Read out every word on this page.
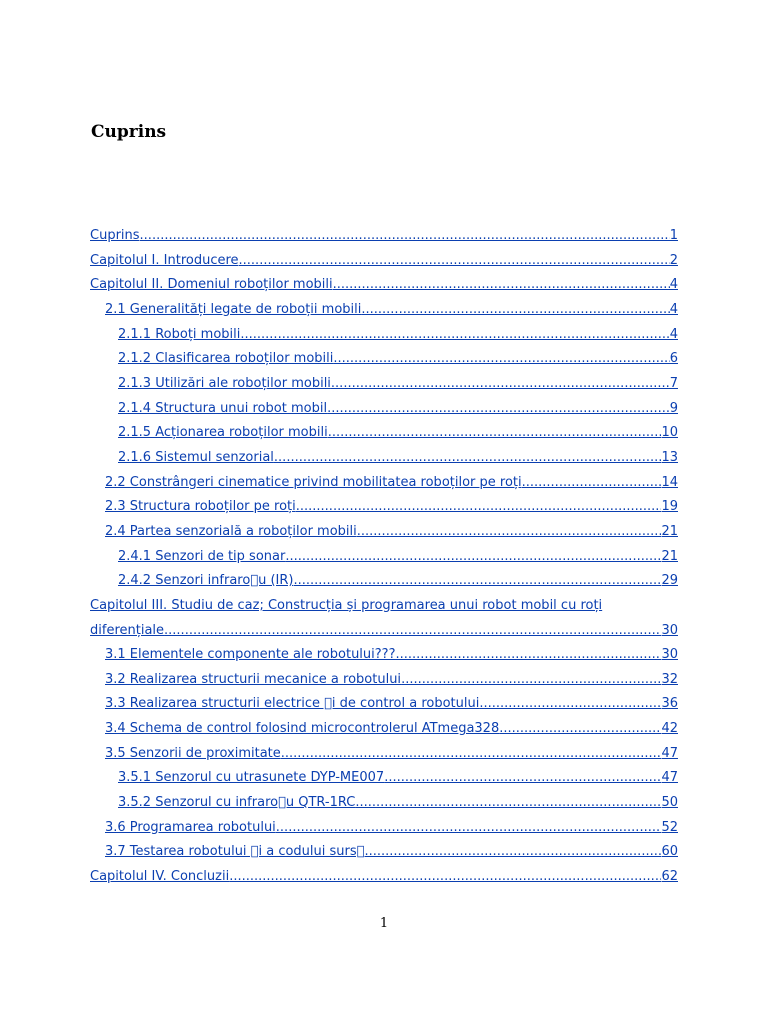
Cuprins
Cuprins .....	1
Capitolul I. Introducere .....	2
Capitolul II. Domeniul roboților mobili .....	4
2.1 Generalități legate de roboții mobili .....	4
2.1.1 Roboți mobili .....	4
2.1.2 Clasificarea roboților mobili .....	6
2.1.3 Utilizări ale roboților mobili .....	7
2.1.4 Structura unui robot mobil .....	9
2.1.5 Acționarea roboților mobili .....	10
2.1.6 Sistemul senzorial .....	13
2.2 Constrângeri cinematice privind mobilitatea roboților pe roți .....	14
2.3 Structura roboților pe roți .....	19
2.4 Partea senzorială a roboților mobili .....	21
2.4.1 Senzori de tip sonar .....	21
2.4.2 Senzori infraro u (IR) .....	29
Capitolul III. Studiu de caz; Construcția și programarea unui robot mobil cu roți
diferențiale .....	30
3.1 Elementele componente ale robotului??? .....	30
3.2 Realizarea structurii mecanice a robotului .....	32
3.3 Realizarea structurii electrice  i de control a robotului .....	36
3.4 Schema de control folosind microcontrolerul ATmega328 .....	42
3.5 Senzorii de proximitate .....	47
3.5.1 Senzorul cu utrasunete DYP-ME007 .....	47
3.5.2 Senzorul cu infraro u QTR-1RC .....	50
3.6 Programarea robotului .....	52
3.7 Testarea robotului  i a codului surs  .....	60
Capitolul IV. Concluzii .....	62
1
